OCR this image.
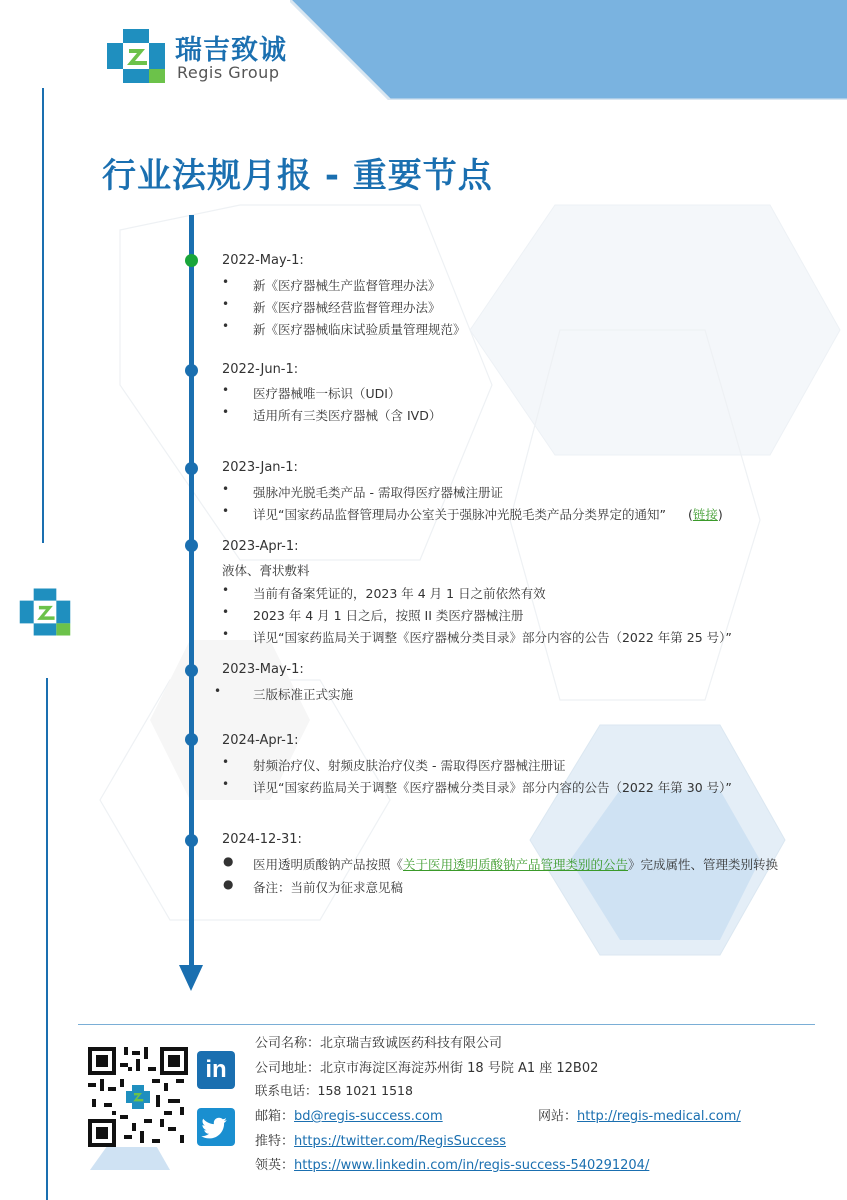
瑞吉致诚
Regis Group
行业法规月报 - 重要节点
2022-May-1:
• 新《医疗器械生产监督管理办法》
• 新《医疗器械经营监督管理办法》
• 新《医疗器械临床试验质量管理规范》
2022-Jun-1:
• 医疗器械唯一标识（UDI）
• 适用所有三类医疗器械（含 IVD）
2023-Jan-1:
• 强脉冲光脱毛类产品 - 需取得医疗器械注册证
• 详见“国家药品监督管理局办公室关于强脉冲光脱毛类产品分类界定的通知” (链接)
2023-Apr-1:
液体、膏状敷料
• 当前有备案凭证的，2023 年 4 月 1 日之前依然有效
• 2023 年 4 月 1 日之后，按照 II 类医疗器械注册
• 详见“国家药监局关于调整《医疗器械分类目录》部分内容的公告（2022 年第 25 号）”
2023-May-1:
•	三版标准正式实施
2024-Apr-1:
• 射频治疗仪、射频皮肤治疗仪类 - 需取得医疗器械注册证
• 详见“国家药监局关于调整《医疗器械分类目录》部分内容的公告（2022 年第 30 号）”
2024-12-31:
● 医用透明质酸钠产品按照《关于医用透明质酸钠产品管理类别的公告》完成属性、管理类别转换
● 备注：当前仅为征求意见稿
in
公司名称：北京瑞吉致诚医药科技有限公司
公司地址：北京市海淀区海淀苏州街 18 号院 A1 座 12B02
联系电话：158 1021 1518
邮箱：bd@regis-success.com	网站：http://regis-medical.com/
推特：https://twitter.com/RegisSuccess
领英：https://www.linkedin.com/in/regis-success-540291204/
